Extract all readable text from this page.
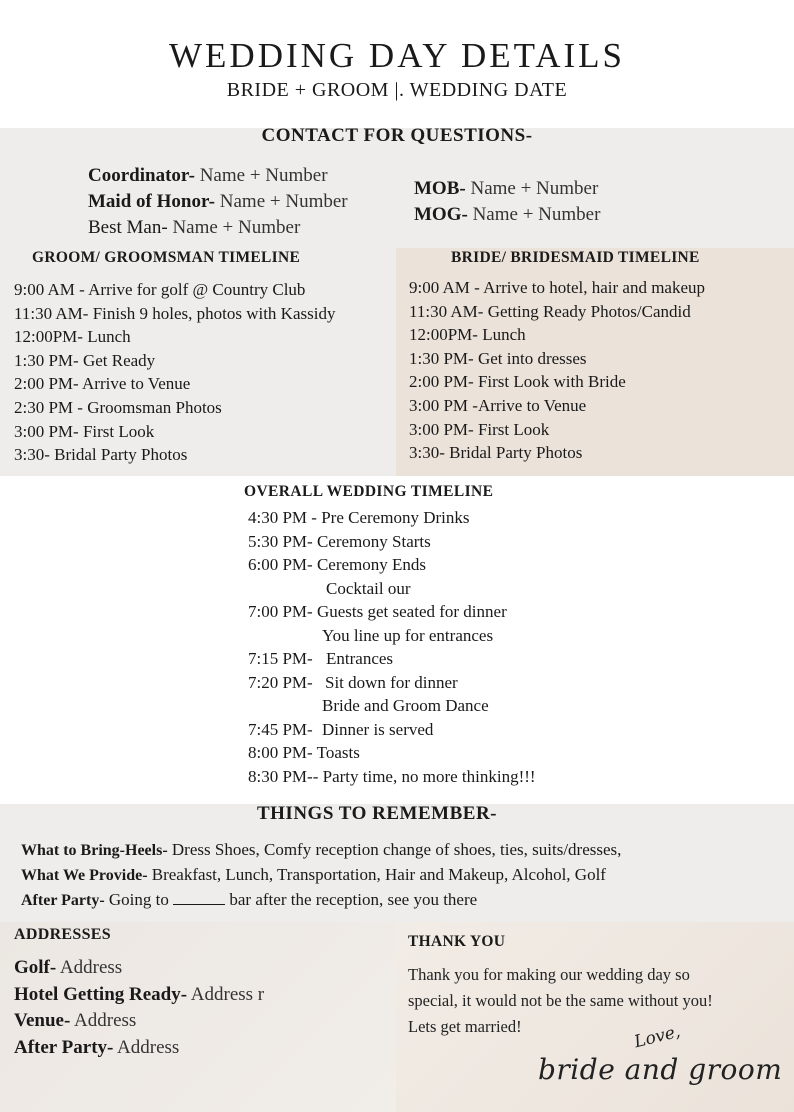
WEDDING DAY DETAILS
BRIDE + GROOM |. WEDDING DATE
CONTACT FOR QUESTIONS-
Coordinator- Name + Number
Maid of Honor- Name + Number
Best Man- Name + Number
MOB- Name + Number
MOG- Name + Number
GROOM/ GROOMSMAN TIMELINE
9:00 AM - Arrive for golf @ Country Club
11:30 AM- Finish 9 holes, photos with Kassidy
12:00PM- Lunch
1:30 PM- Get Ready
2:00 PM- Arrive to Venue
2:30 PM - Groomsman Photos
3:00 PM- First Look
3:30- Bridal Party Photos
BRIDE/ BRIDESMAID TIMELINE
9:00 AM - Arrive to hotel, hair and makeup
11:30 AM- Getting Ready Photos/Candid
12:00PM- Lunch
1:30 PM- Get into dresses
2:00 PM- First Look with Bride
3:00 PM -Arrive to Venue
3:00 PM- First Look
3:30- Bridal Party Photos
OVERALL WEDDING TIMELINE
4:30 PM - Pre Ceremony Drinks
5:30 PM- Ceremony Starts
6:00 PM- Ceremony Ends
Cocktail our
7:00 PM- Guests get seated for dinner
You line up for entrances
7:15 PM-Entrances
7:20 PM-Sit down for dinner
Bride and Groom Dance
7:45 PM-Dinner is served
8:00 PM- Toasts
8:30 PM-- Party time, no more thinking!!!
THINGS TO REMEMBER-
What to Bring-Heels- Dress Shoes, Comfy reception change of shoes, ties, suits/dresses,
What We Provide- Breakfast, Lunch, Transportation, Hair and Makeup, Alcohol, Golf
After Party- Going to	bar after the reception, see you there
ADDRESSES
Golf- Address
Hotel Getting Ready- Address r
Venue- Address
After Party- Address
THANK YOU
Thank you for making our wedding day so
special, it would not be the same without you!
Lets get married!	Love,
bride and groom
